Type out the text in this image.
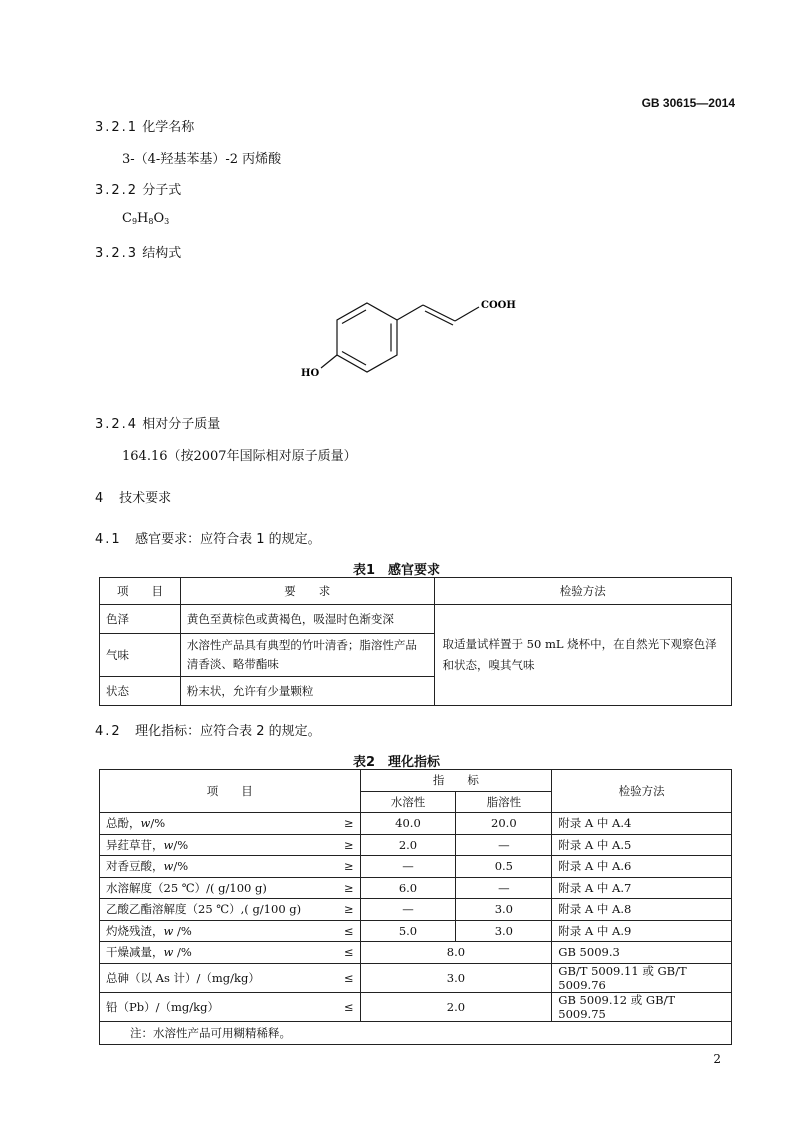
GB 30615—2014
3.2.1 化学名称
3-（4-羟基苯基）-2 丙烯酸
3.2.2 分子式
$C_9H_8O_3$
3.2.3 结构式
COOH
HO
3.2.4 相对分子质量
164.16（按2007年国际相对原子质量）
4 技术要求
4.1 感官要求：应符合表 1 的规定。
表1　感官要求
项　　目	要　　求	检验方法
色泽	黄色至黄棕色或黄褐色，吸湿时色渐变深	取适量试样置于 50 mL 烧杯中，在自然光下观察色泽和状态，嗅其气味
气味	水溶性产品具有典型的竹叶清香；脂溶性产品清香淡、略带酯味	
状态	粉末状，允许有少量颗粒	
4.2 理化指标：应符合表 2 的规定。
表2　理化指标
项　　目	指　　标		检验方法
	水溶性	脂溶性	
总酚，w/% ≥	40.0	20.0	附录 A 中 A.4
异荭草苷，w/% ≥	2.0	—	附录 A 中 A.5
对香豆酸，w/% ≥	—	0.5	附录 A 中 A.6
水溶解度（25 ℃）/( g/100 g) ≥	6.0	—	附录 A 中 A.7
乙酸乙酯溶解度（25 ℃）,( g/100 g) ≥	—	3.0	附录 A 中 A.8
灼烧残渣，w /% ≤	5.0	3.0	附录 A 中 A.9
干燥减量，w /% ≤	8.0		GB 5009.3
总砷（以 As 计）/（mg/kg） ≤	3.0		GB/T 5009.11 或 GB/T 5009.76
铅（Pb）/（mg/kg） ≤	2.0		GB 5009.12 或 GB/T 5009.75
注：水溶性产品可用糊精稀释。			
2
